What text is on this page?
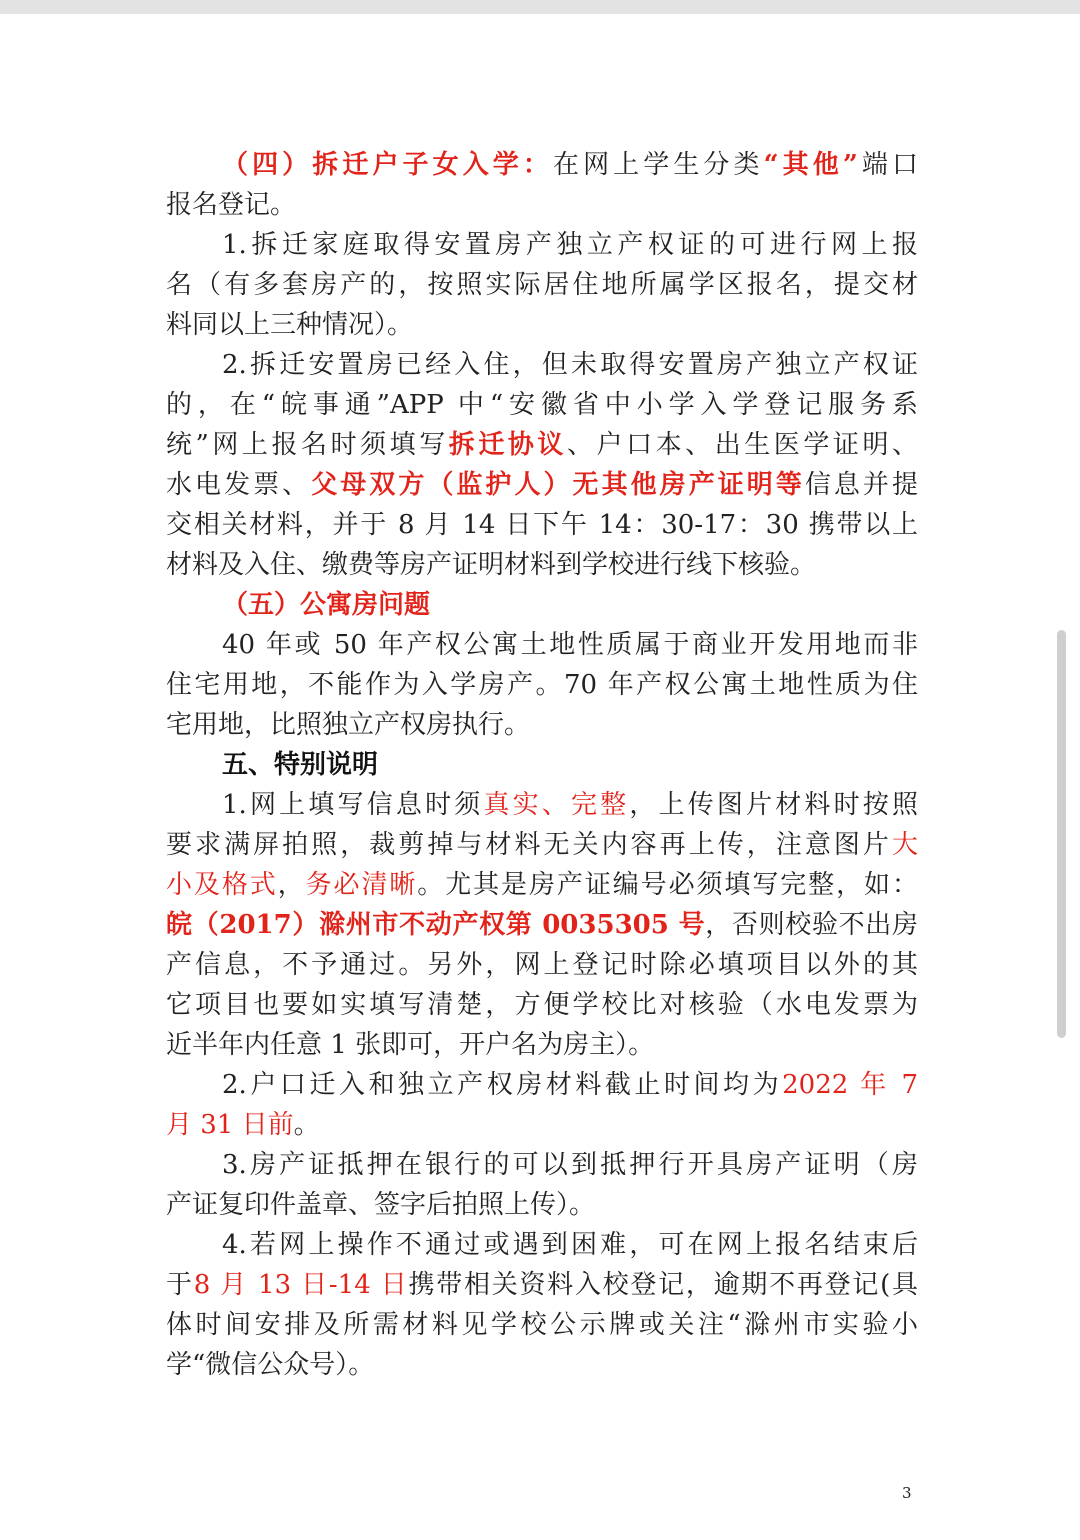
（四）拆迁户子女入学：在网上学生分类“其他”端口
报名登记。
1.拆迁家庭取得安置房产独立产权证的可进行网上报
名（有多套房产的，按照实际居住地所属学区报名，提交材
料同以上三种情况）。
2.拆迁安置房已经入住，但未取得安置房产独立产权证
的，在“皖事通”APP 中“安徽省中小学入学登记服务系
统”网上报名时须填写拆迁协议、户口本、出生医学证明、
水电发票、父母双方（监护人）无其他房产证明等信息并提
交相关材料，并于 8 月 14 日下午 14：30-17：30 携带以上
材料及入住、缴费等房产证明材料到学校进行线下核验。
（五）公寓房问题
40 年或 50 年产权公寓土地性质属于商业开发用地而非
住宅用地，不能作为入学房产。70 年产权公寓土地性质为住
宅用地，比照独立产权房执行。
五、特别说明
1.网上填写信息时须真实、完整，上传图片材料时按照
要求满屏拍照，裁剪掉与材料无关内容再上传，注意图片大
小及格式，务必清晰。尤其是房产证编号必须填写完整，如：
皖（2017）滁州市不动产权第 0035305 号，否则校验不出房
产信息，不予通过。另外，网上登记时除必填项目以外的其
它项目也要如实填写清楚，方便学校比对核验（水电发票为
近半年内任意 1 张即可，开户名为房主）。
2.户口迁入和独立产权房材料截止时间均为2022 年 7
月 31 日前。
3.房产证抵押在银行的可以到抵押行开具房产证明（房
产证复印件盖章、签字后拍照上传）。
4.若网上操作不通过或遇到困难，可在网上报名结束后
于8 月 13 日-14 日携带相关资料入校登记，逾期不再登记(具
体时间安排及所需材料见学校公示牌或关注“滁州市实验小
学“微信公众号）。
3
